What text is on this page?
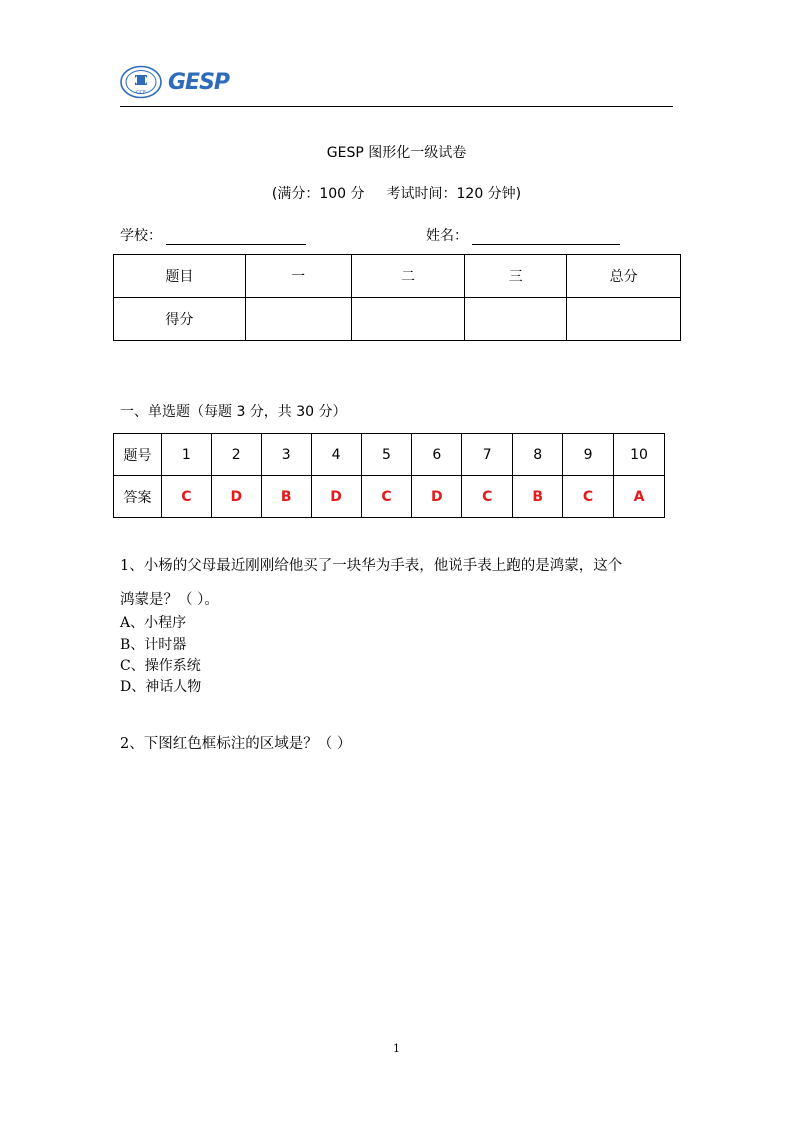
CCF GESP
GESP 图形化一级试卷
(满分：100 分 考试时间：120 分钟)
学校：	姓名：
题目	一	二	三	总分
得分				
一、单选题（每题 3 分，共 30 分）
题号	1	2	3	4	5	6	7	8	9	10
答案	C	D	B	D	C	D	C	B	C	A
1、小杨的父母最近刚刚给他买了一块华为手表，他说手表上跑的是鸿蒙，这个
鸿蒙是？（ ）。
A、小程序
B、计时器
C、操作系统
D、神话人物
2、下图红色框标注的区域是？（ ）
1
